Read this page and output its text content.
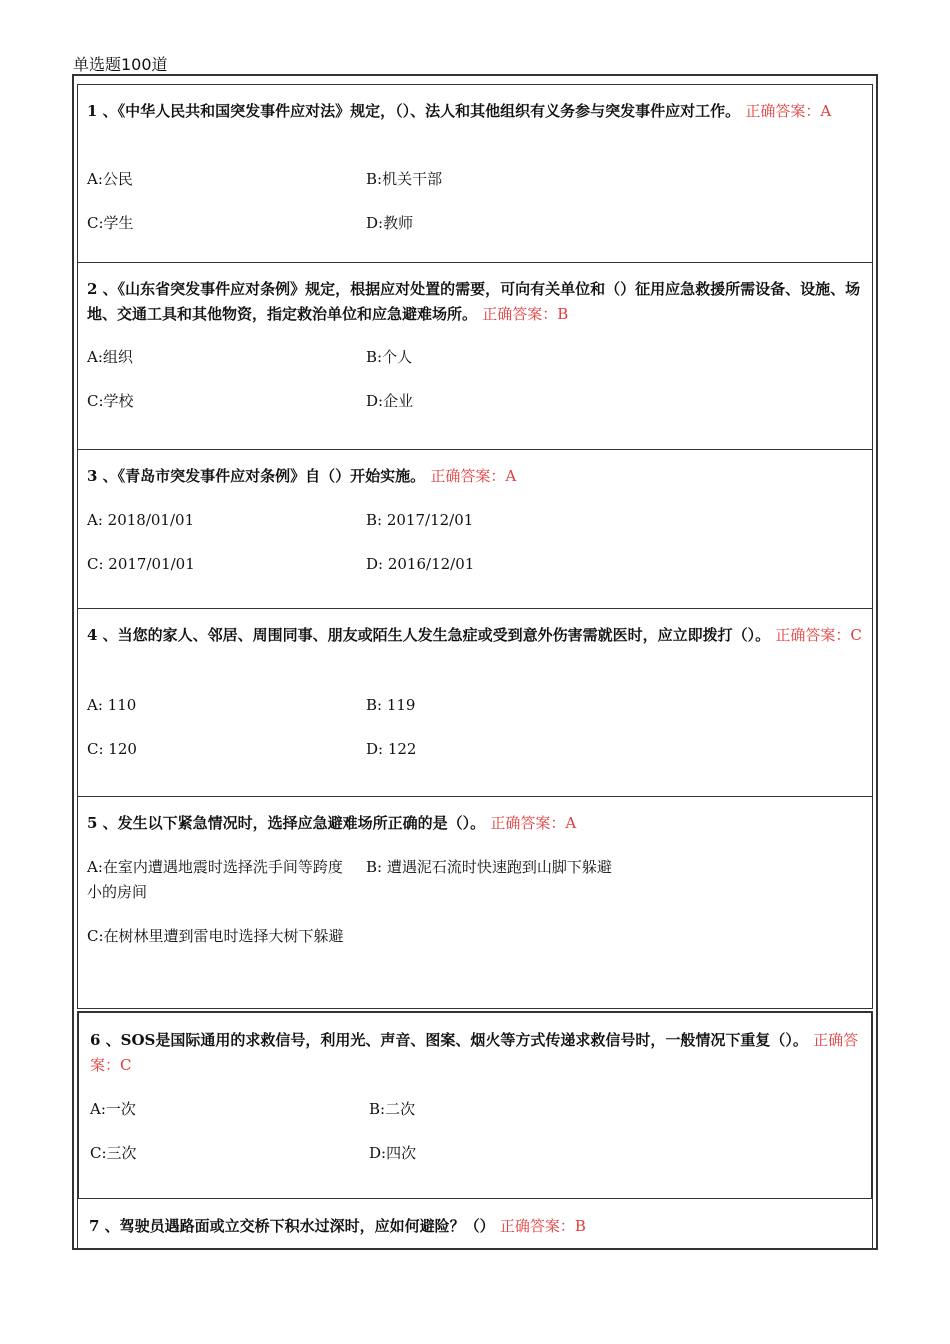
单选题100道
1 、《中华人民共和国突发事件应对法》规定，（）、法人和其他组织有义务参与突发事件应对工作。 正确答案：A
A:公民	B:机关干部
C:学生	D:教师
2 、《山东省突发事件应对条例》规定，根据应对处置的需要，可向有关单位和（）征用应急救援所需设备、设施、场地、交通工具和其他物资，指定救治单位和应急避难场所。 正确答案：B
A:组织	B:个人
C:学校	D:企业
3 、《青岛市突发事件应对条例》自（）开始实施。 正确答案：A
A: 2018/01/01	B: 2017/12/01
C: 2017/01/01	D: 2016/12/01
4 、当您的家人、邻居、周围同事、朋友或陌生人发生急症或受到意外伤害需就医时，应立即拨打（）。 正确答案：C
A: 110	B: 119
C: 120	D: 122
5 、发生以下紧急情况时，选择应急避难场所正确的是（）。 正确答案：A
A:在室内遭遇地震时选择洗手间等跨度小的房间
B: 遭遇泥石流时快速跑到山脚下躲避
C:在树林里遭到雷电时选择大树下躲避
6 、SOS是国际通用的求救信号，利用光、声音、图案、烟火等方式传递求救信号时，一般情况下重复（）。 正确答案：C
A:一次	B:二次
C:三次	D:四次
7 、驾驶员遇路面或立交桥下积水过深时，应如何避险？（） 正确答案：B
